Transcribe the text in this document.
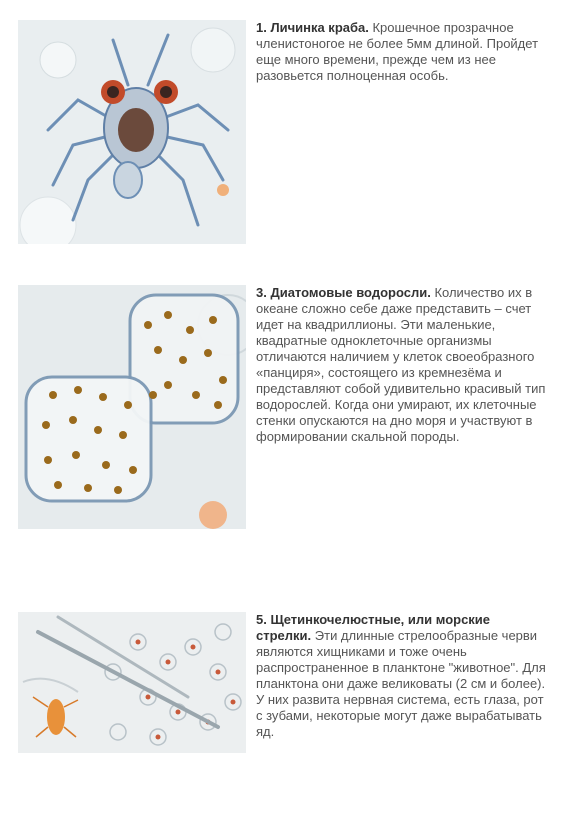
1. Личинка краба. Крошечное прозрачное членистоногое не более 5мм длиной. Пройдет еще много времени, прежде чем из нее разовьется полноценная особь.
3. Диатомовые водоросли. Количество их в океане сложно себе даже представить – счет идет на квадриллионы. Эти маленькие, квадратные одноклеточные организмы отличаются наличием у клеток своеобразного «панциря», состоящего из кремнезёма и представляют собой удивительно красивый тип водорослей. Когда они умирают, их клеточные стенки опускаются на дно моря и участвуют в формировании скальной породы.
5. Щетинкочелюстные, или морские стрелки. Эти длинные стрелообразные черви являются хищниками и тоже очень распространенное в планктоне "животное". Для планктона они даже великоваты (2 см и более). У них развита нервная система, есть глаза, рот с зубами, некоторые могут даже вырабатывать яд.
